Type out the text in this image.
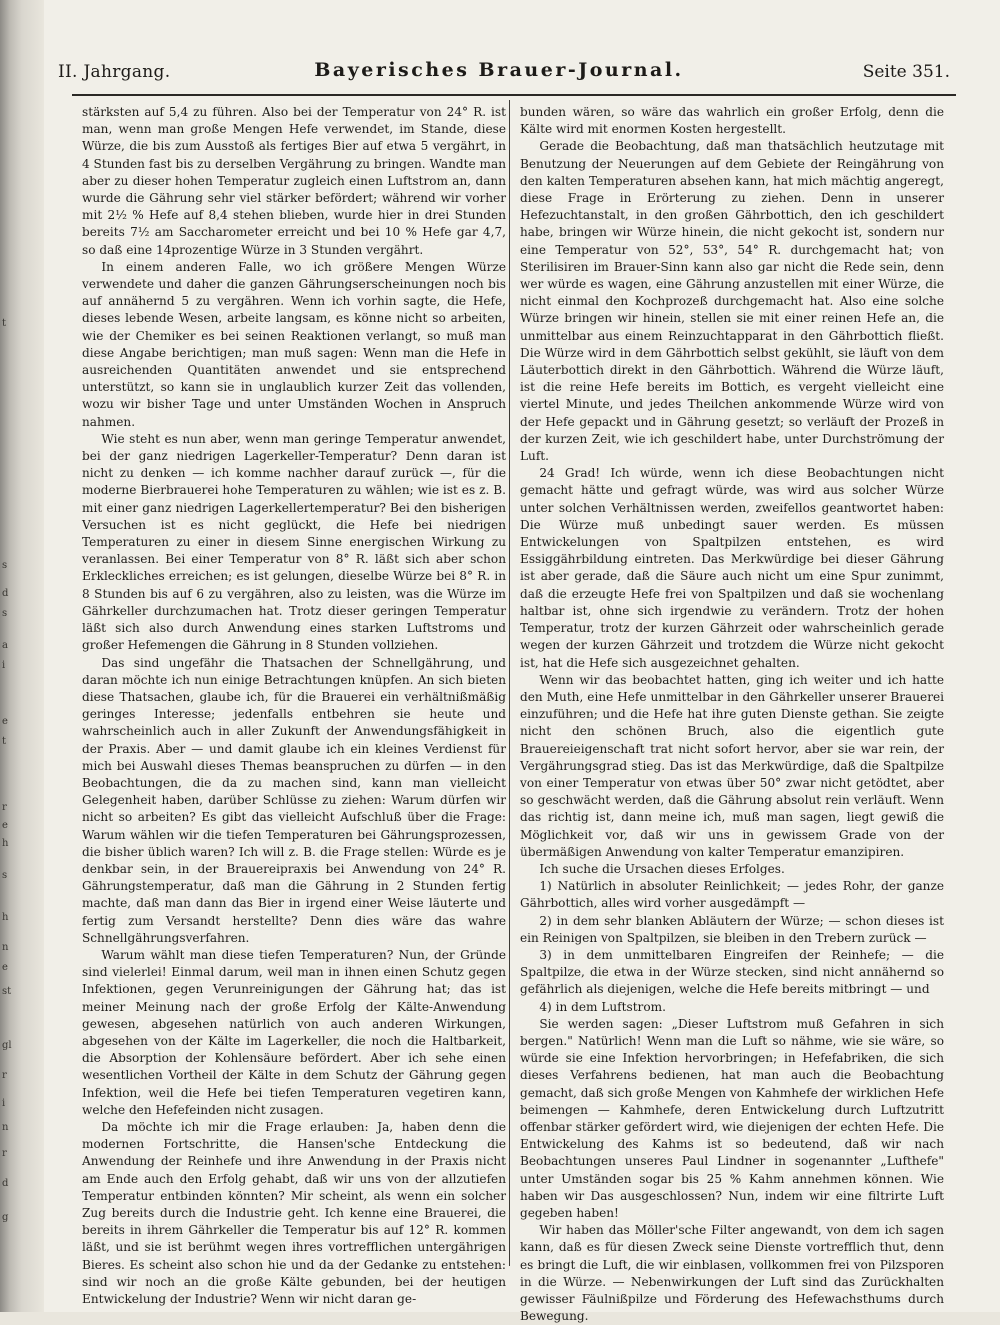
t
s
d
s
a
i
e
t
r
e
h
s
h
n
e
st
gl
r
i
n
r
d
g
II. Jahrgang.	Bayerisches Brauer-Journal.	Seite 351.

stärksten auf 5,4 zu führen. Also bei der Temperatur von 24° R. ist man, wenn man große Mengen Hefe verwendet, im Stande, diese Würze, die bis zum Ausstoß als fertiges Bier auf etwa 5 vergährt, in 4 Stunden fast bis zu derselben Vergährung zu bringen. Wandte man aber zu dieser hohen Temperatur zugleich einen Luftstrom an, dann wurde die Gährung sehr viel stärker befördert; während wir vorher mit 2½ % Hefe auf 8,4 stehen blieben, wurde hier in drei Stunden bereits 7½ am Saccharometer erreicht und bei 10 % Hefe gar 4,7, so daß eine 14prozentige Würze in 3 Stunden vergährt.

In einem anderen Falle, wo ich größere Mengen Würze verwendete und daher die ganzen Gährungserscheinungen noch bis auf annähernd 5 zu vergähren. Wenn ich vorhin sagte, die Hefe, dieses lebende Wesen, arbeite langsam, es könne nicht so arbeiten, wie der Chemiker es bei seinen Reaktionen verlangt, so muß man diese Angabe berichtigen; man muß sagen: Wenn man die Hefe in ausreichenden Quantitäten anwendet und sie entsprechend unterstützt, so kann sie in unglaublich kurzer Zeit das vollenden, wozu wir bisher Tage und unter Umständen Wochen in Anspruch nahmen.

Wie steht es nun aber, wenn man geringe Temperatur anwendet, bei der ganz niedrigen Lagerkeller-Temperatur? Denn daran ist nicht zu denken — ich komme nachher darauf zurück —, für die moderne Bierbrauerei hohe Temperaturen zu wählen; wie ist es z. B. mit einer ganz niedrigen Lagerkellertemperatur? Bei den bisherigen Versuchen ist es nicht geglückt, die Hefe bei niedrigen Temperaturen zu einer in diesem Sinne energischen Wirkung zu veranlassen. Bei einer Temperatur von 8° R. läßt sich aber schon Erkleckliches erreichen; es ist gelungen, dieselbe Würze bei 8° R. in 8 Stunden bis auf 6 zu vergähren, also zu leisten, was die Würze im Gährkeller durchzumachen hat. Trotz dieser geringen Temperatur läßt sich also durch Anwendung eines starken Luftstroms und großer Hefemengen die Gährung in 8 Stunden vollziehen.

Das sind ungefähr die Thatsachen der Schnellgährung, und daran möchte ich nun einige Betrachtungen knüpfen. An sich bieten diese Thatsachen, glaube ich, für die Brauerei ein verhältnißmäßig geringes Interesse; jedenfalls entbehren sie heute und wahrscheinlich auch in aller Zukunft der Anwendungsfähigkeit in der Praxis. Aber — und damit glaube ich ein kleines Verdienst für mich bei Auswahl dieses Themas beanspruchen zu dürfen — in den Beobachtungen, die da zu machen sind, kann man vielleicht Gelegenheit haben, darüber Schlüsse zu ziehen: Warum dürfen wir nicht so arbeiten? Es gibt das vielleicht Aufschluß über die Frage: Warum wählen wir die tiefen Temperaturen bei Gährungsprozessen, die bisher üblich waren? Ich will z. B. die Frage stellen: Würde es je denkbar sein, in der Brauereipraxis bei Anwendung von 24° R. Gährungstemperatur, daß man die Gährung in 2 Stunden fertig machte, daß man dann das Bier in irgend einer Weise läuterte und fertig zum Versandt herstellte? Denn dies wäre das wahre Schnellgährungsverfahren.

Warum wählt man diese tiefen Temperaturen? Nun, der Gründe sind vielerlei! Einmal darum, weil man in ihnen einen Schutz gegen Infektionen, gegen Verunreinigungen der Gährung hat; das ist meiner Meinung nach der große Erfolg der Kälte-Anwendung gewesen, abgesehen natürlich von auch anderen Wirkungen, abgesehen von der Kälte im Lagerkeller, die noch die Haltbarkeit, die Absorption der Kohlensäure befördert. Aber ich sehe einen wesentlichen Vortheil der Kälte in dem Schutz der Gährung gegen Infektion, weil die Hefe bei tiefen Temperaturen vegetiren kann, welche den Hefefeinden nicht zusagen.

Da möchte ich mir die Frage erlauben: Ja, haben denn die modernen Fortschritte, die Hansen'sche Entdeckung die Anwendung der Reinhefe und ihre Anwendung in der Praxis nicht am Ende auch den Erfolg gehabt, daß wir uns von der allzutiefen Temperatur entbinden könnten? Mir scheint, als wenn ein solcher Zug bereits durch die Industrie geht. Ich kenne eine Brauerei, die bereits in ihrem Gährkeller die Temperatur bis auf 12° R. kommen läßt, und sie ist berühmt wegen ihres vortrefflichen untergährigen Bieres. Es scheint also schon hie und da der Gedanke zu entstehen: sind wir noch an die große Kälte gebunden, bei der heutigen Entwickelung der Industrie? Wenn wir nicht daran ge-

bunden wären, so wäre das wahrlich ein großer Erfolg, denn die Kälte wird mit enormen Kosten hergestellt.

Gerade die Beobachtung, daß man thatsächlich heutzutage mit Benutzung der Neuerungen auf dem Gebiete der Reingährung von den kalten Temperaturen absehen kann, hat mich mächtig angeregt, diese Frage in Erörterung zu ziehen. Denn in unserer Hefezuchtanstalt, in den großen Gährbottich, den ich geschildert habe, bringen wir Würze hinein, die nicht gekocht ist, sondern nur eine Temperatur von 52°, 53°, 54° R. durchgemacht hat; von Sterilisiren im Brauer-Sinn kann also gar nicht die Rede sein, denn wer würde es wagen, eine Gährung anzustellen mit einer Würze, die nicht einmal den Kochprozeß durchgemacht hat. Also eine solche Würze bringen wir hinein, stellen sie mit einer reinen Hefe an, die unmittelbar aus einem Reinzuchtapparat in den Gährbottich fließt. Die Würze wird in dem Gährbottich selbst gekühlt, sie läuft von dem Läuterbottich direkt in den Gährbottich. Während die Würze läuft, ist die reine Hefe bereits im Bottich, es vergeht vielleicht eine viertel Minute, und jedes Theilchen ankommende Würze wird von der Hefe gepackt und in Gährung gesetzt; so verläuft der Prozeß in der kurzen Zeit, wie ich geschildert habe, unter Durchströmung der Luft.

24 Grad! Ich würde, wenn ich diese Beobachtungen nicht gemacht hätte und gefragt würde, was wird aus solcher Würze unter solchen Verhältnissen werden, zweifellos geantwortet haben: Die Würze muß unbedingt sauer werden. Es müssen Entwickelungen von Spaltpilzen entstehen, es wird Essiggährbildung eintreten. Das Merkwürdige bei dieser Gährung ist aber gerade, daß die Säure auch nicht um eine Spur zunimmt, daß die erzeugte Hefe frei von Spaltpilzen und daß sie wochenlang haltbar ist, ohne sich irgendwie zu verändern. Trotz der hohen Temperatur, trotz der kurzen Gährzeit oder wahrscheinlich gerade wegen der kurzen Gährzeit und trotzdem die Würze nicht gekocht ist, hat die Hefe sich ausgezeichnet gehalten.

Wenn wir das beobachtet hatten, ging ich weiter und ich hatte den Muth, eine Hefe unmittelbar in den Gährkeller unserer Brauerei einzuführen; und die Hefe hat ihre guten Dienste gethan. Sie zeigte nicht den schönen Bruch, also die eigentlich gute Brauereieigenschaft trat nicht sofort hervor, aber sie war rein, der Vergährungsgrad stieg. Das ist das Merkwürdige, daß die Spaltpilze von einer Temperatur von etwas über 50° zwar nicht getödtet, aber so geschwächt werden, daß die Gährung absolut rein verläuft. Wenn das richtig ist, dann meine ich, muß man sagen, liegt gewiß die Möglichkeit vor, daß wir uns in gewissem Grade von der übermäßigen Anwendung von kalter Temperatur emanzipiren.

Ich suche die Ursachen dieses Erfolges.

1) Natürlich in absoluter Reinlichkeit; — jedes Rohr, der ganze Gährbottich, alles wird vorher ausgedämpft —

2) in dem sehr blanken Abläutern der Würze; — schon dieses ist ein Reinigen von Spaltpilzen, sie bleiben in den Trebern zurück —

3) in dem unmittelbaren Eingreifen der Reinhefe; — die Spaltpilze, die etwa in der Würze stecken, sind nicht annähernd so gefährlich als diejenigen, welche die Hefe bereits mitbringt — und

4) in dem Luftstrom.

Sie werden sagen: „Dieser Luftstrom muß Gefahren in sich bergen." Natürlich! Wenn man die Luft so nähme, wie sie wäre, so würde sie eine Infektion hervorbringen; in Hefefabriken, die sich dieses Verfahrens bedienen, hat man auch die Beobachtung gemacht, daß sich große Mengen von Kahmhefe der wirklichen Hefe beimengen — Kahmhefe, deren Entwickelung durch Luftzutritt offenbar stärker gefördert wird, wie diejenigen der echten Hefe. Die Entwickelung des Kahms ist so bedeutend, daß wir nach Beobachtungen unseres Paul Lindner in sogenannter „Lufthefe" unter Umständen sogar bis 25 % Kahm annehmen können. Wie haben wir Das ausgeschlossen? Nun, indem wir eine filtrirte Luft gegeben haben!

Wir haben das Möller'sche Filter angewandt, von dem ich sagen kann, daß es für diesen Zweck seine Dienste vortrefflich thut, denn es bringt die Luft, die wir einblasen, vollkommen frei von Pilzsporen in die Würze. — Nebenwirkungen der Luft sind das Zurückhalten gewisser Fäulnißpilze und Förderung des Hefewachsthums durch Bewegung.
